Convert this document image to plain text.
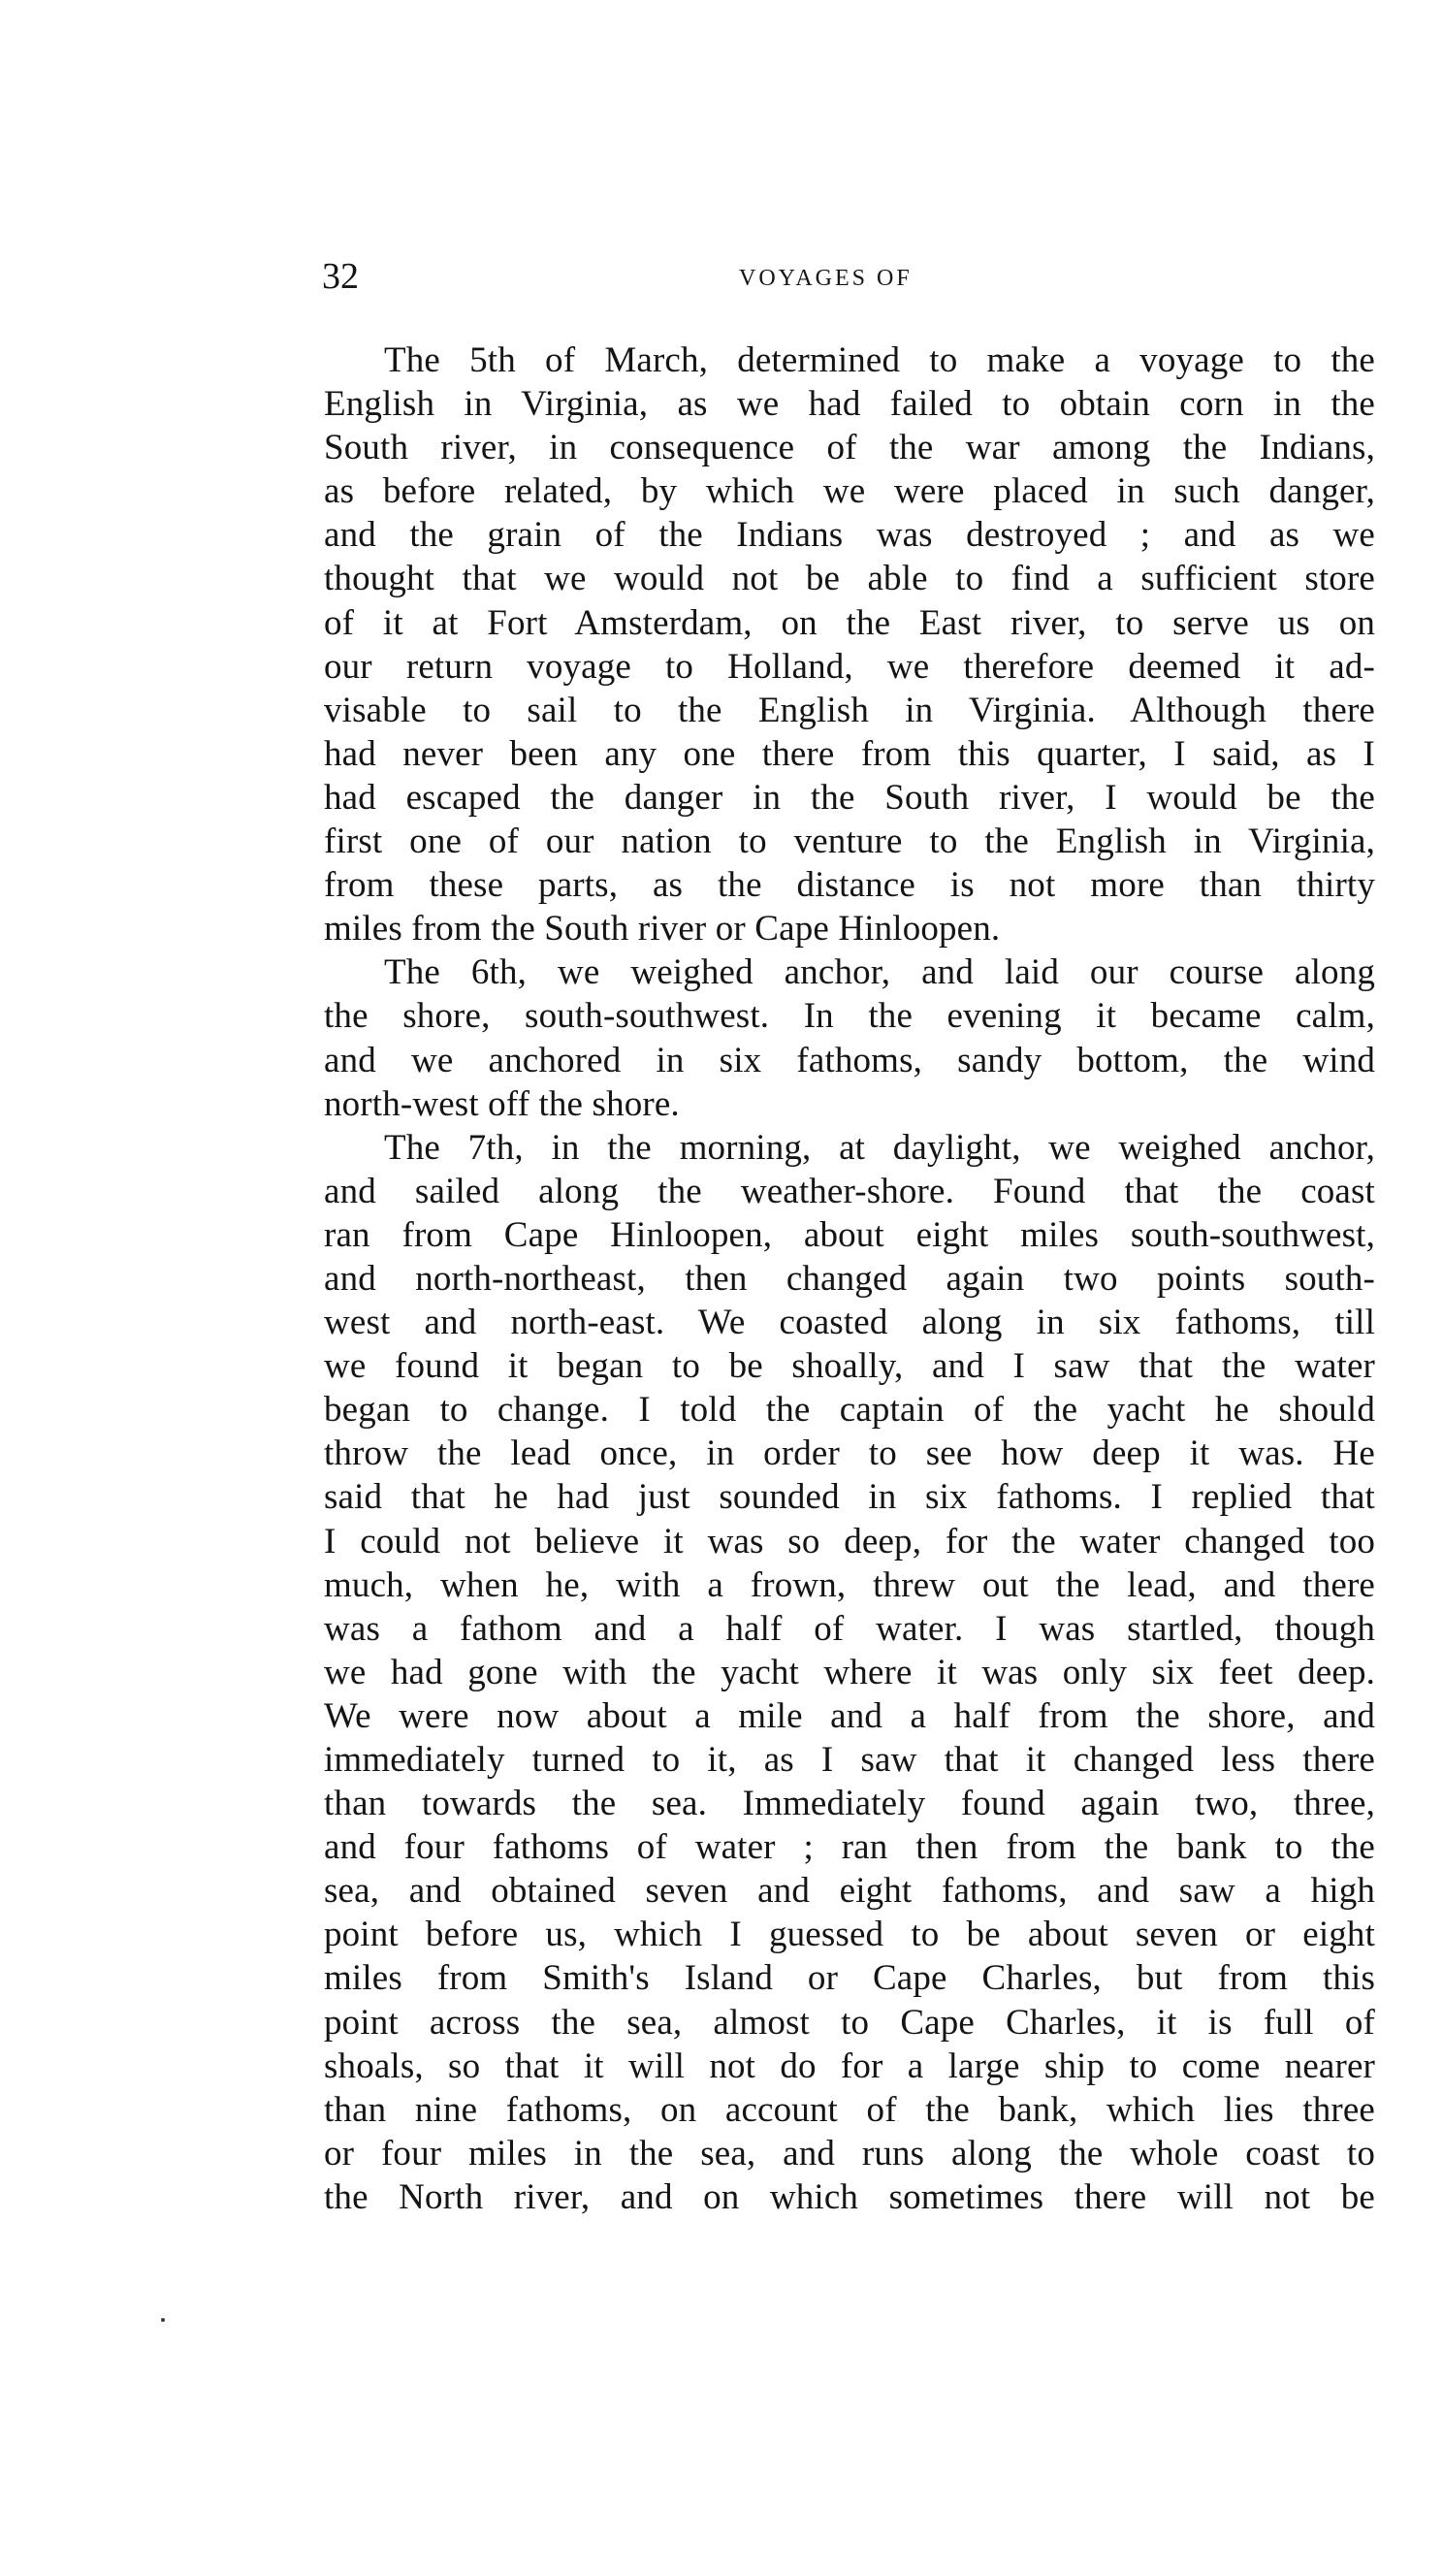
32	VOYAGES OF
The 5th of March, determined to make a voyage to the
English in Virginia, as we had failed to obtain corn in the
South river, in consequence of the war among the Indians,
as before related, by which we were placed in such danger,
and the grain of the Indians was destroyed ; and as we
thought that we would not be able to find a sufficient store
of it at Fort Amsterdam, on the East river, to serve us on
our return voyage to Holland, we therefore deemed it ad-
visable to sail to the English in Virginia. Although there
had never been any one there from this quarter, I said, as I
had escaped the danger in the South river, I would be the
first one of our nation to venture to the English in Virginia,
from these parts, as the distance is not more than thirty
miles from the South river or Cape Hinloopen.
The 6th, we weighed anchor, and laid our course along
the shore, south-southwest. In the evening it became calm,
and we anchored in six fathoms, sandy bottom, the wind
north-west off the shore.
The 7th, in the morning, at daylight, we weighed anchor,
and sailed along the weather-shore. Found that the coast
ran from Cape Hinloopen, about eight miles south-southwest,
and north-northeast, then changed again two points south-
west and north-east. We coasted along in six fathoms, till
we found it began to be shoally, and I saw that the water
began to change. I told the captain of the yacht he should
throw the lead once, in order to see how deep it was. He
said that he had just sounded in six fathoms. I replied that
I could not believe it was so deep, for the water changed too
much, when he, with a frown, threw out the lead, and there
was a fathom and a half of water. I was startled, though
we had gone with the yacht where it was only six feet deep.
We were now about a mile and a half from the shore, and
immediately turned to it, as I saw that it changed less there
than towards the sea. Immediately found again two, three,
and four fathoms of water ; ran then from the bank to the
sea, and obtained seven and eight fathoms, and saw a high
point before us, which I guessed to be about seven or eight
miles from Smith's Island or Cape Charles, but from this
point across the sea, almost to Cape Charles, it is full of
shoals, so that it will not do for a large ship to come nearer
than nine fathoms, on account of the bank, which lies three
or four miles in the sea, and runs along the whole coast to
the North river, and on which sometimes there will not be
